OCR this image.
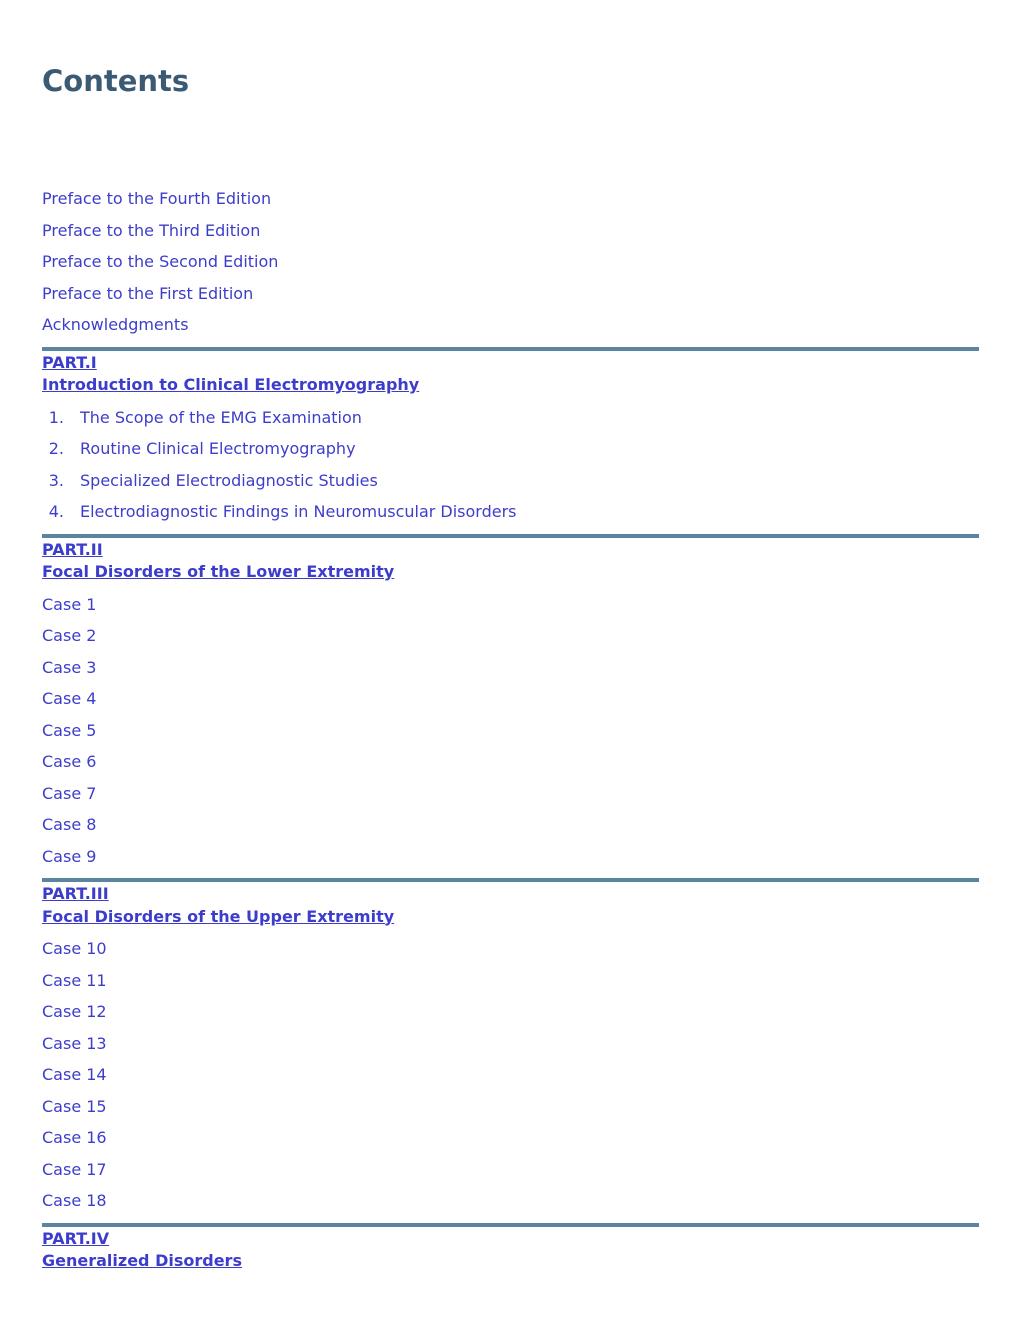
Contents
Preface to the Fourth Edition
Preface to the Third Edition
Preface to the Second Edition
Preface to the First Edition
Acknowledgments
PART.I
Introduction to Clinical Electromyography
1. The Scope of the EMG Examination
2. Routine Clinical Electromyography
3. Specialized Electrodiagnostic Studies
4. Electrodiagnostic Findings in Neuromuscular Disorders
PART.II
Focal Disorders of the Lower Extremity
Case 1
Case 2
Case 3
Case 4
Case 5
Case 6
Case 7
Case 8
Case 9
PART.III
Focal Disorders of the Upper Extremity
Case 10
Case 11
Case 12
Case 13
Case 14
Case 15
Case 16
Case 17
Case 18
PART.IV
Generalized Disorders
